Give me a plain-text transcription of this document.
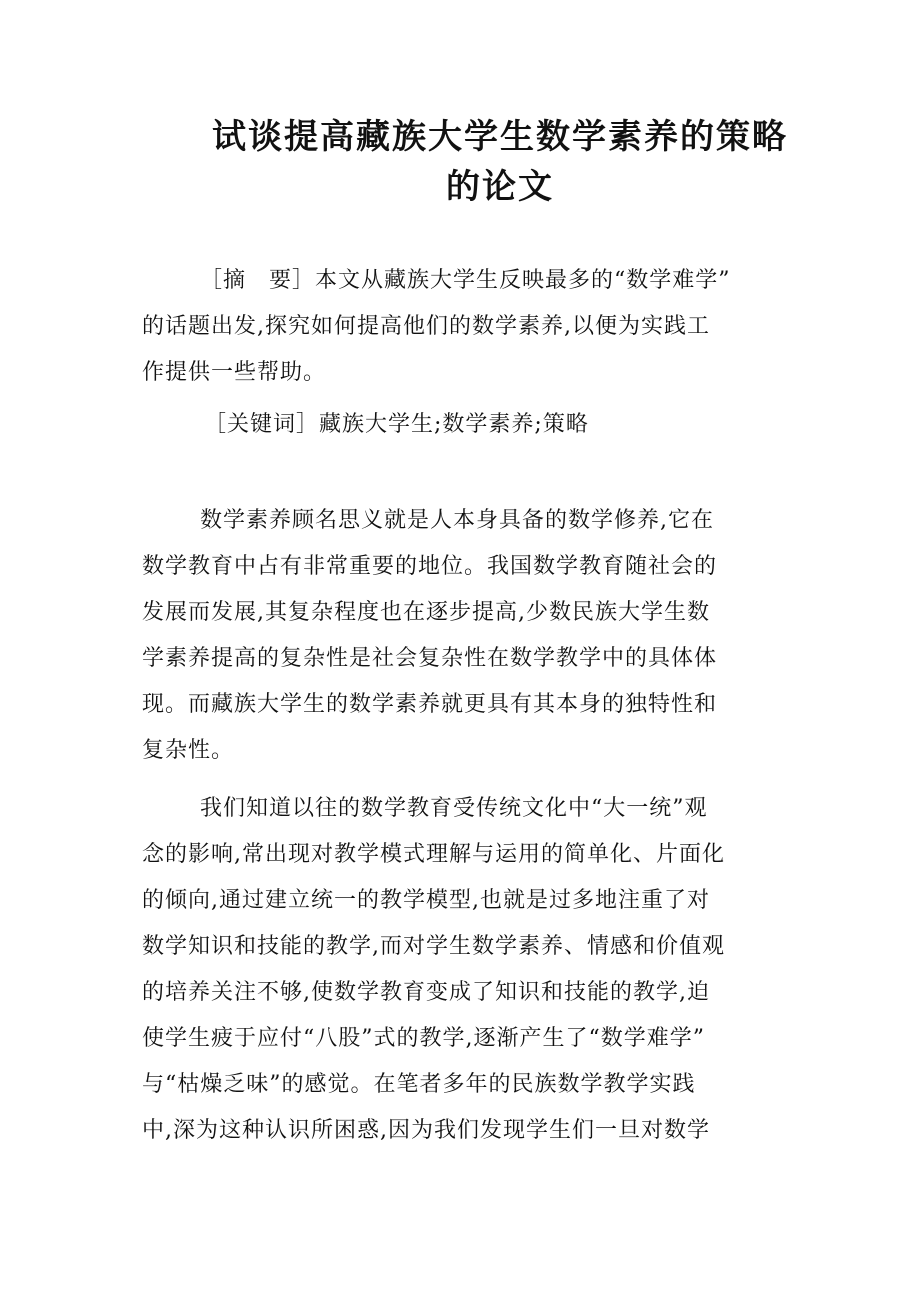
试谈提高藏族大学生数学素养的策略
的论文
［摘　要］本文从藏族大学生反映最多的“数学难学”
的话题出发,探究如何提高他们的数学素养,以便为实践工
作提供一些帮助。
［关键词］藏族大学生;数学素养;策略
数学素养顾名思义就是人本身具备的数学修养,它在
数学教育中占有非常重要的地位。我国数学教育随社会的
发展而发展,其复杂程度也在逐步提高,少数民族大学生数
学素养提高的复杂性是社会复杂性在数学教学中的具体体
现。而藏族大学生的数学素养就更具有其本身的独特性和
复杂性。
我们知道以往的数学教育受传统文化中“大一统”观
念的影响,常出现对教学模式理解与运用的简单化、片面化
的倾向,通过建立统一的教学模型,也就是过多地注重了对
数学知识和技能的教学,而对学生数学素养、情感和价值观
的培养关注不够,使数学教育变成了知识和技能的教学,迫
使学生疲于应付“八股”式的教学,逐渐产生了“数学难学”
与“枯燥乏味”的感觉。在笔者多年的民族数学教学实践
中,深为这种认识所困惑,因为我们发现学生们一旦对数学
